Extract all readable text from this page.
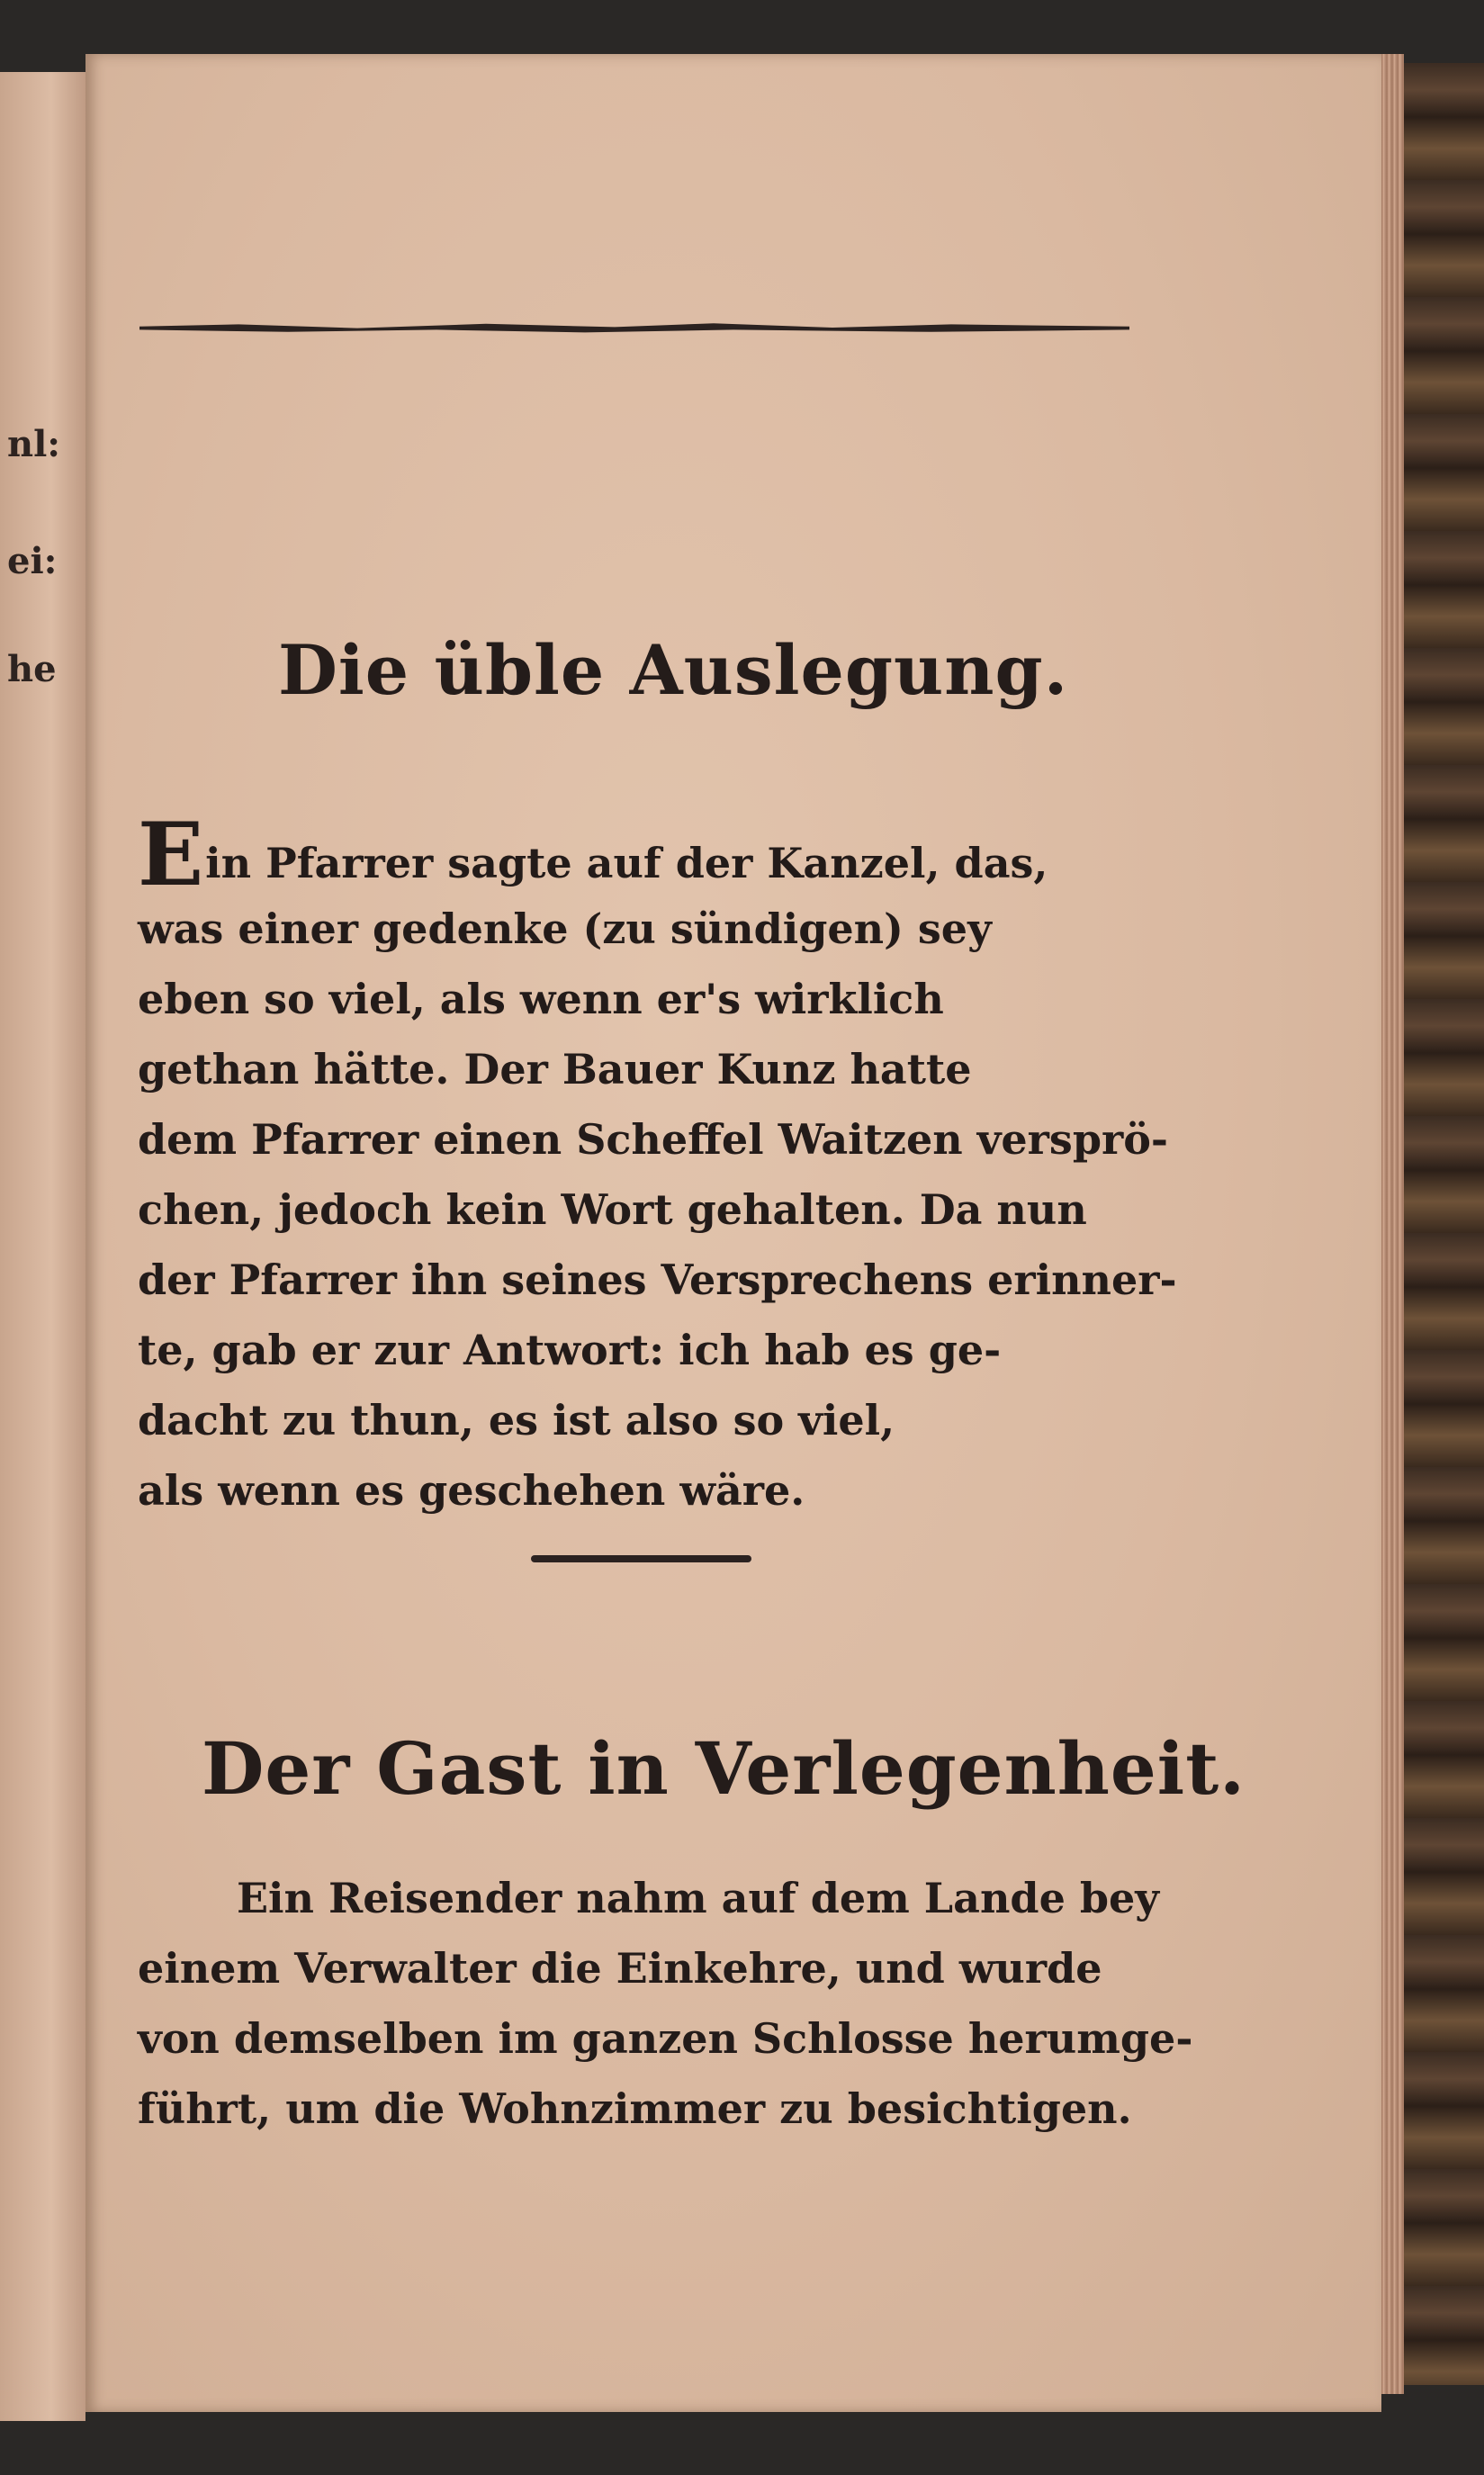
nl:
ei:
he	Die üble Auslegung.
Ein Pfarrer sagte auf der Kanzel, das,
was einer gedenke (zu sündigen) sey
eben so viel, als wenn er's wirklich
gethan hätte. Der Bauer Kunz hatte
dem Pfarrer einen Scheffel Waitzen versprö-
chen, jedoch kein Wort gehalten. Da nun
der Pfarrer ihn seines Versprechens erinner-
te, gab er zur Antwort: ich hab es ge-
dacht zu thun, es ist also so viel,
als wenn es geschehen wäre.
Der Gast in Verlegenheit.
Ein Reisender nahm auf dem Lande bey
einem Verwalter die Einkehre, und wurde
von demselben im ganzen Schlosse herumge-
führt, um die Wohnzimmer zu besichtigen.
